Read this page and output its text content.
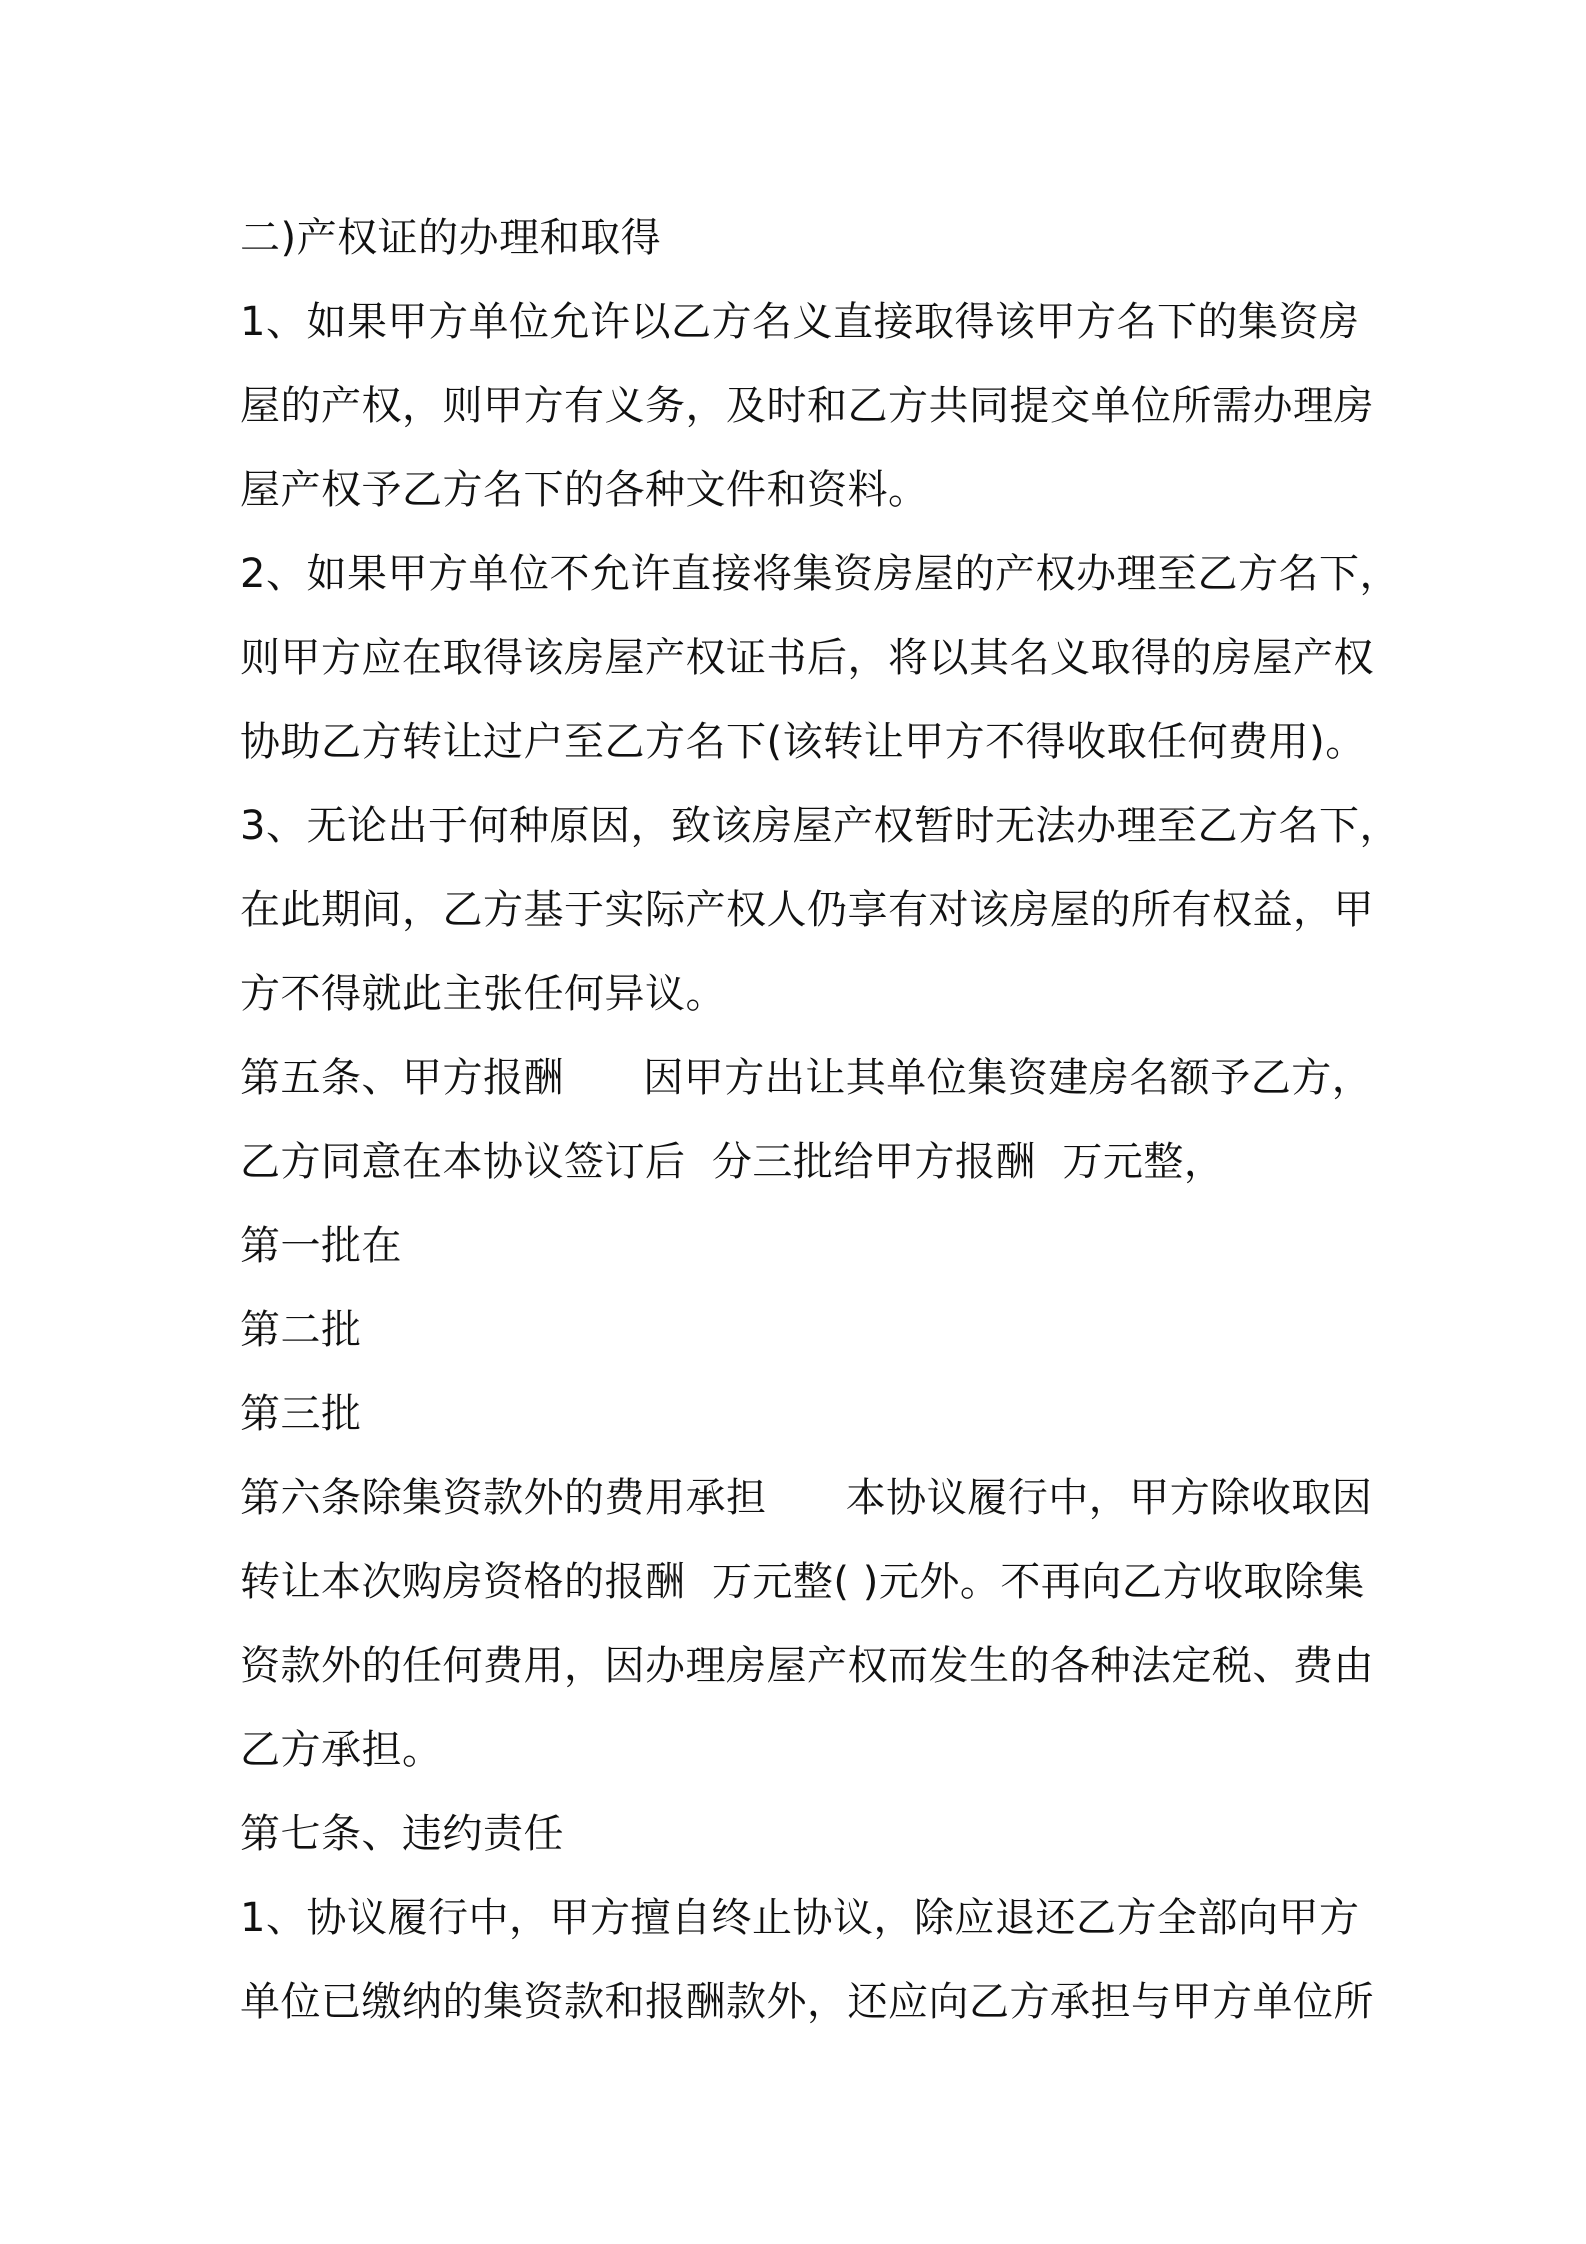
二)产权证的办理和取得
1、如果甲方单位允许以乙方名义直接取得该甲方名下的集资房
屋的产权，则甲方有义务，及时和乙方共同提交单位所需办理房
屋产权予乙方名下的各种文件和资料。
2、如果甲方单位不允许直接将集资房屋的产权办理至乙方名下，
则甲方应在取得该房屋产权证书后，将以其名义取得的房屋产权
协助乙方转让过户至乙方名下(该转让甲方不得收取任何费用)。
3、无论出于何种原因，致该房屋产权暂时无法办理至乙方名下，
在此期间，乙方基于实际产权人仍享有对该房屋的所有权益，甲
方不得就此主张任何异议。
第五条、甲方报酬      因甲方出让其单位集资建房名额予乙方，
乙方同意在本协议签订后  分三批给甲方报酬  万元整，
第一批在
第二批
第三批
第六条除集资款外的费用承担      本协议履行中，甲方除收取因
转让本次购房资格的报酬  万元整( )元外。不再向乙方收取除集
资款外的任何费用，因办理房屋产权而发生的各种法定税、费由
乙方承担。
第七条、违约责任
1、协议履行中，甲方擅自终止协议，除应退还乙方全部向甲方
单位已缴纳的集资款和报酬款外，还应向乙方承担与甲方单位所
